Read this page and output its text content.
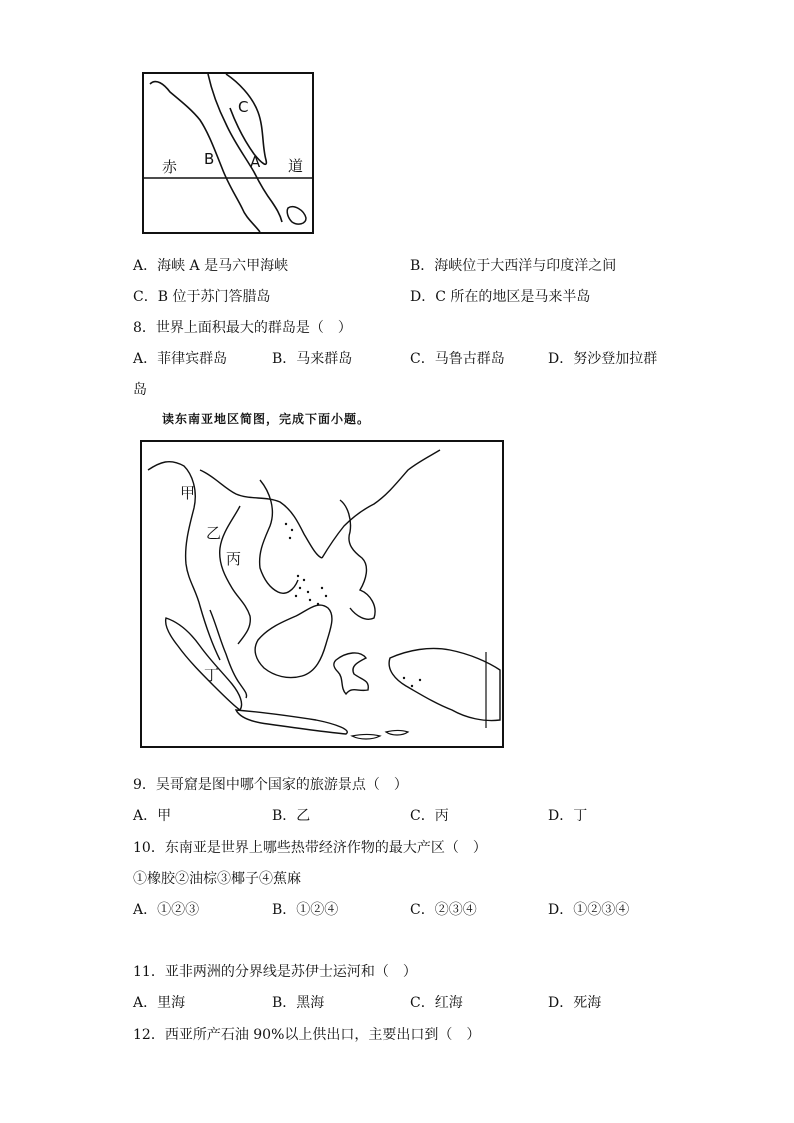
C
赤 B A 道
A．海峡 A 是马六甲海峡	B．海峡位于大西洋与印度洋之间
C．B 位于苏门答腊岛	D．C 所在的地区是马来半岛
8．世界上面积最大的群岛是（　）
A．菲律宾群岛	B．马来群岛	C．马鲁古群岛	D．努沙登加拉群
岛
读东南亚地区简图，完成下面小题。
甲
乙
丙
丁
9．吴哥窟是图中哪个国家的旅游景点（　）
A．甲	B．乙	C．丙	D．丁
10．东南亚是世界上哪些热带经济作物的最大产区（　）
①橡胶②油棕③椰子④蕉麻
A．①②③	B．①②④	C．②③④	D．①②③④
11．亚非两洲的分界线是苏伊士运河和（　）
A．里海	B．黑海	C．红海	D．死海
12．西亚所产石油 90%以上供出口，主要出口到（　）
